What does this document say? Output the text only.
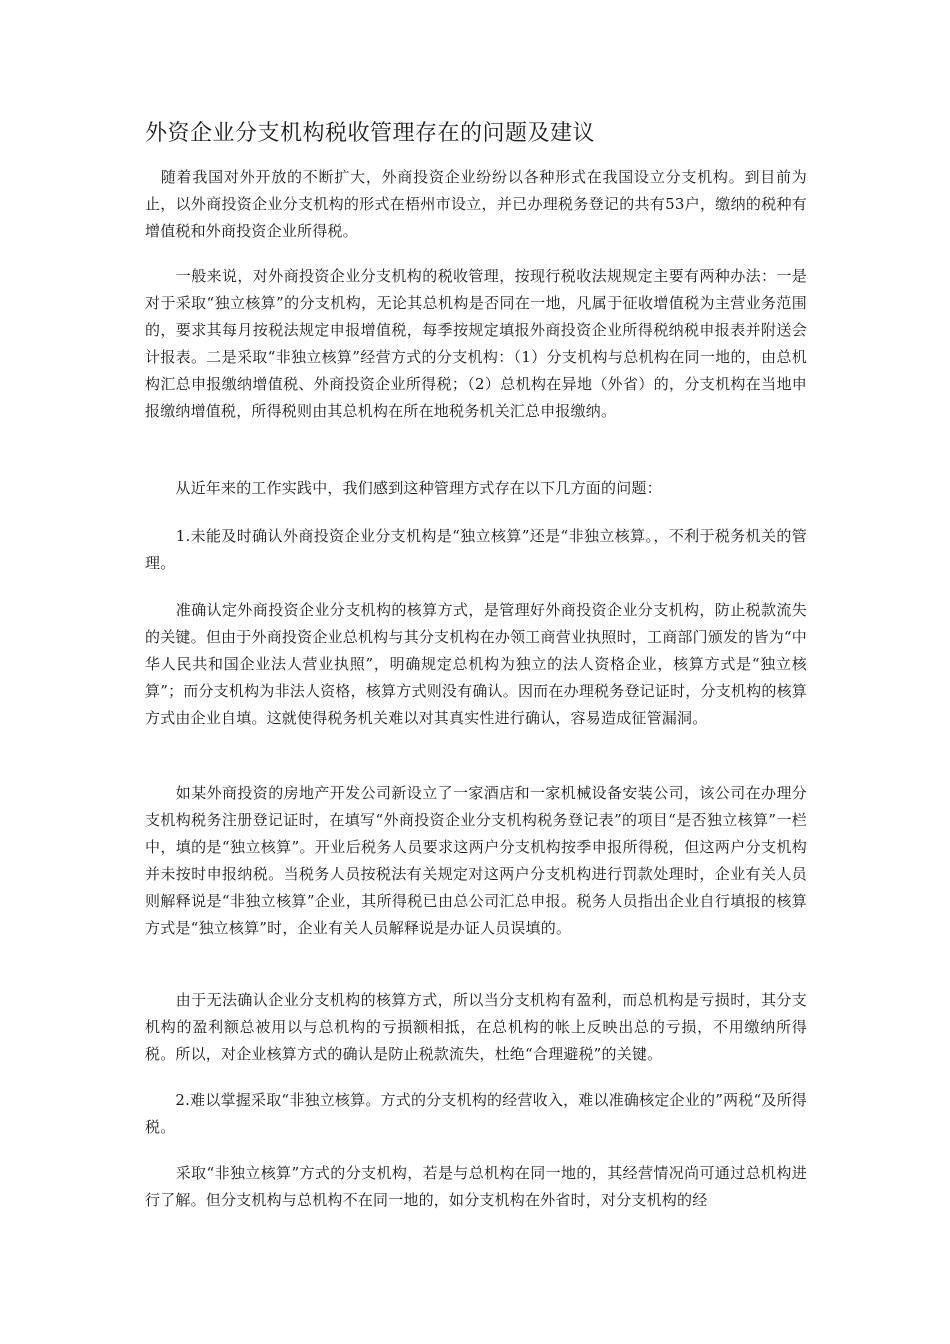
外资企业分支机构税收管理存在的问题及建议

　随着我国对外开放的不断扩大，外商投资企业纷纷以各种形式在我国设立分支机构。到目前为止，以外商投资企业分支机构的形式在梧州市设立，并已办理税务登记的共有53户，缴纳的税种有增值税和外商投资企业所得税。

　　一般来说，对外商投资企业分支机构的税收管理，按现行税收法规规定主要有两种办法：一是对于采取“独立核算”的分支机构，无论其总机构是否同在一地，凡属于征收增值税为主营业务范围的，要求其每月按税法规定申报增值税，每季按规定填报外商投资企业所得税纳税申报表并附送会计报表。二是采取“非独立核算”经营方式的分支机构：（1）分支机构与总机构在同一地的，由总机构汇总申报缴纳增值税、外商投资企业所得税；（2）总机构在异地（外省）的，分支机构在当地申报缴纳增值税，所得税则由其总机构在所在地税务机关汇总申报缴纳。

　　从近年来的工作实践中，我们感到这种管理方式存在以下几方面的问题：

　　1.未能及时确认外商投资企业分支机构是“独立核算”还是“非独立核算。，不利于税务机关的管理。

　　准确认定外商投资企业分支机构的核算方式，是管理好外商投资企业分支机构，防止税款流失的关键。但由于外商投资企业总机构与其分支机构在办领工商营业执照时，工商部门颁发的皆为“中华人民共和国企业法人营业执照”，明确规定总机构为独立的法人资格企业，核算方式是“独立核算”；而分支机构为非法人资格，核算方式则没有确认。因而在办理税务登记证时，分支机构的核算方式由企业自填。这就使得税务机关难以对其真实性进行确认，容易造成征管漏洞。

　　如某外商投资的房地产开发公司新设立了一家酒店和一家机械设备安装公司，该公司在办理分支机构税务注册登记证时，在填写“外商投资企业分支机构税务登记表”的项目“是否独立核算”一栏中，填的是“独立核算”。开业后税务人员要求这两户分支机构按季申报所得税，但这两户分支机构并未按时申报纳税。当税务人员按税法有关规定对这两户分支机构进行罚款处理时，企业有关人员则解释说是“非独立核算”企业，其所得税已由总公司汇总申报。税务人员指出企业自行填报的核算方式是“独立核算”时，企业有关人员解释说是办证人员误填的。

　　由于无法确认企业分支机构的核算方式，所以当分支机构有盈利，而总机构是亏损时，其分支机构的盈利额总被用以与总机构的亏损额相抵，在总机构的帐上反映出总的亏损，不用缴纳所得税。所以，对企业核算方式的确认是防止税款流失，杜绝“合理避税”的关键。

　　2.难以掌握采取“非独立核算。方式的分支机构的经营收入，难以准确核定企业的”两税“及所得税。

　　采取“非独立核算”方式的分支机构，若是与总机构在同一地的，其经营情况尚可通过总机构进行了解。但分支机构与总机构不在同一地的，如分支机构在外省时，对分支机构的经
